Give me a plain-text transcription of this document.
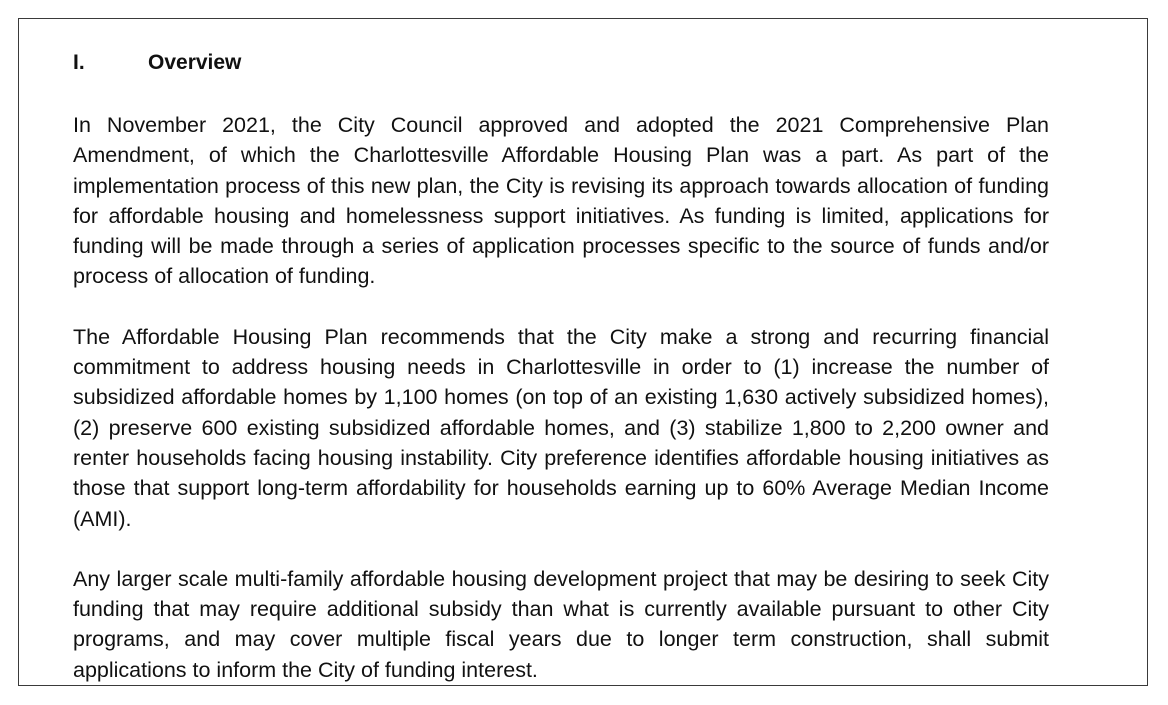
I.	Overview

In November 2021, the City Council approved and adopted the 2021 Comprehensive Plan Amendment, of which the Charlottesville Affordable Housing Plan was a part. As part of the implementation process of this new plan, the City is revising its approach towards allocation of funding for affordable housing and homelessness support initiatives. As funding is limited, applications for funding will be made through a series of application processes specific to the source of funds and/or process of allocation of funding.

The Affordable Housing Plan recommends that the City make a strong and recurring financial commitment to address housing needs in Charlottesville in order to (1) increase the number of subsidized affordable homes by 1,100 homes (on top of an existing 1,630 actively subsidized homes), (2) preserve 600 existing subsidized affordable homes, and (3) stabilize 1,800 to 2,200 owner and renter households facing housing instability. City preference identifies affordable housing initiatives as those that support long-term affordability for households earning up to 60% Average Median Income (AMI).

Any larger scale multi-family affordable housing development project that may be desiring to seek City funding that may require additional subsidy than what is currently available pursuant to other City programs, and may cover multiple fiscal years due to longer term construction, shall submit applications to inform the City of funding interest.
